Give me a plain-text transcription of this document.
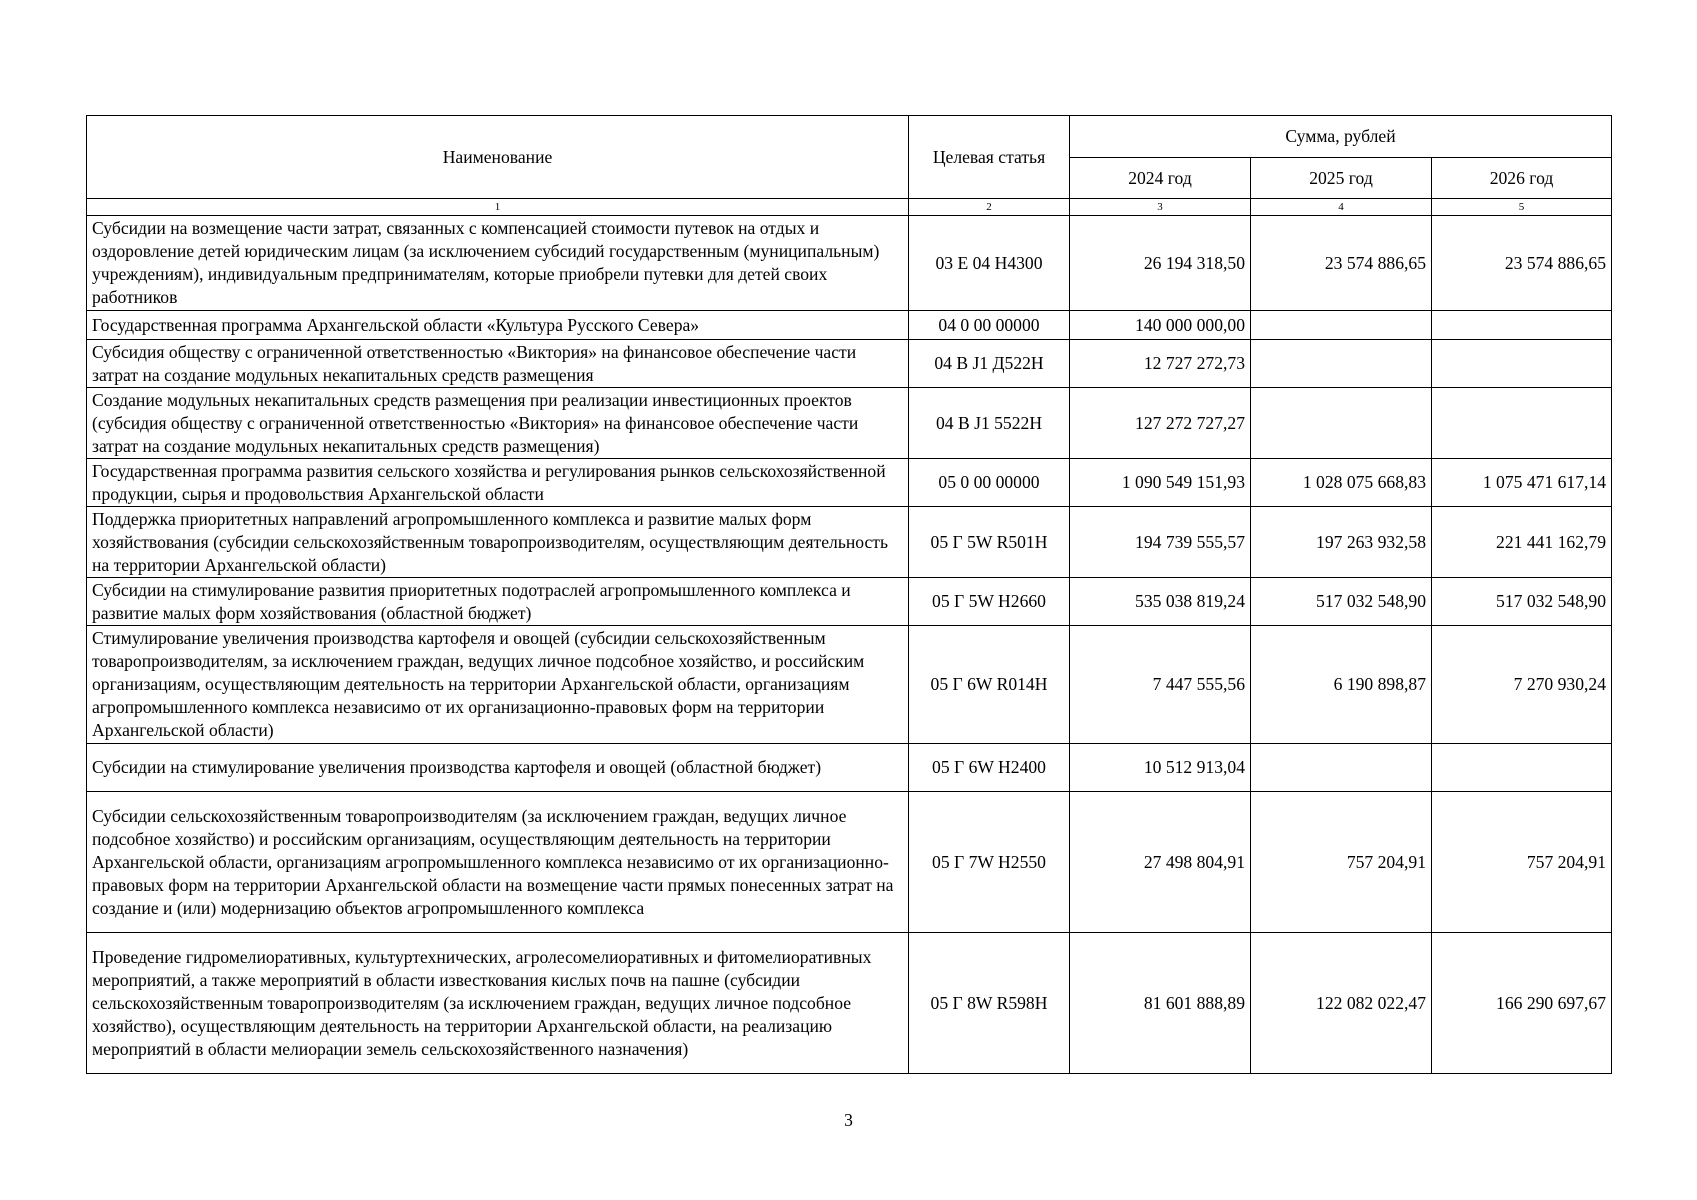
Наименование	Целевая статья	Сумма, рублей		
		2024 год	2025 год	2026 год
1	2	3	4	5
Субсидии на возмещение части затрат, связанных с компенсацией стоимости путевок на отдых и оздоровление детей юридическим лицам (за исключением субсидий государственным (муниципальным) учреждениям), индивидуальным предпринимателям, которые приобрели путевки для детей своих работников	03 Е 04 Н4300	26 194 318,50	23 574 886,65	23 574 886,65
Государственная программа Архангельской области «Культура Русского Севера»	04 0 00 00000	140 000 000,00		
Субсидия обществу с ограниченной ответственностью «Виктория» на финансовое обеспечение части затрат на создание модульных некапитальных средств размещения	04 В J1 Д522Н	12 727 272,73		
Создание модульных некапитальных средств размещения при реализации инвестиционных проектов (субсидия обществу с ограниченной ответственностью «Виктория» на финансовое обеспечение части затрат на создание модульных некапитальных средств размещения)	04 В J1 5522Н	127 272 727,27		
Государственная программа развития сельского хозяйства и регулирования рынков сельскохозяйственной продукции, сырья и продовольствия Архангельской области	05 0 00 00000	1 090 549 151,93	1 028 075 668,83	1 075 471 617,14
Поддержка приоритетных направлений агропромышленного комплекса и развитие малых форм хозяйствования (субсидии сельскохозяйственным товаропроизводителям, осуществляющим деятельность на территории Архангельской области)	05 Г 5W R501Н	194 739 555,57	197 263 932,58	221 441 162,79
Субсидии на стимулирование развития приоритетных подотраслей агропромышленного комплекса и развитие малых форм хозяйствования (областной бюджет)	05 Г 5W Н2660	535 038 819,24	517 032 548,90	517 032 548,90
Стимулирование увеличения производства картофеля и овощей (субсидии сельскохозяйственным товаропроизводителям, за исключением граждан, ведущих личное подсобное хозяйство, и российским организациям, осуществляющим деятельность на территории Архангельской области, организациям агропромышленного комплекса независимо от их организационно-правовых форм на территории Архангельской области)	05 Г 6W R014Н	7 447 555,56	6 190 898,87	7 270 930,24
Субсидии на стимулирование увеличения производства картофеля и овощей (областной бюджет)	05 Г 6W Н2400	10 512 913,04		
Субсидии сельскохозяйственным товаропроизводителям (за исключением граждан, ведущих личное подсобное хозяйство) и российским организациям, осуществляющим деятельность на территории Архангельской области, организациям агропромышленного комплекса независимо от их организационно-правовых форм на территории Архангельской области на возмещение части прямых понесенных затрат на создание и (или) модернизацию объектов агропромышленного комплекса	05 Г 7W Н2550	27 498 804,91	757 204,91	757 204,91
Проведение гидромелиоративных, культуртехнических, агролесомелиоративных и фитомелиоративных мероприятий, а также мероприятий в области известкования кислых почв на пашне (субсидии сельскохозяйственным товаропроизводителям (за исключением граждан, ведущих личное подсобное хозяйство), осуществляющим деятельность на территории Архангельской области, на реализацию мероприятий в области мелиорации земель сельскохозяйственного назначения)	05 Г 8W R598Н	81 601 888,89	122 082 022,47	166 290 697,67
3
